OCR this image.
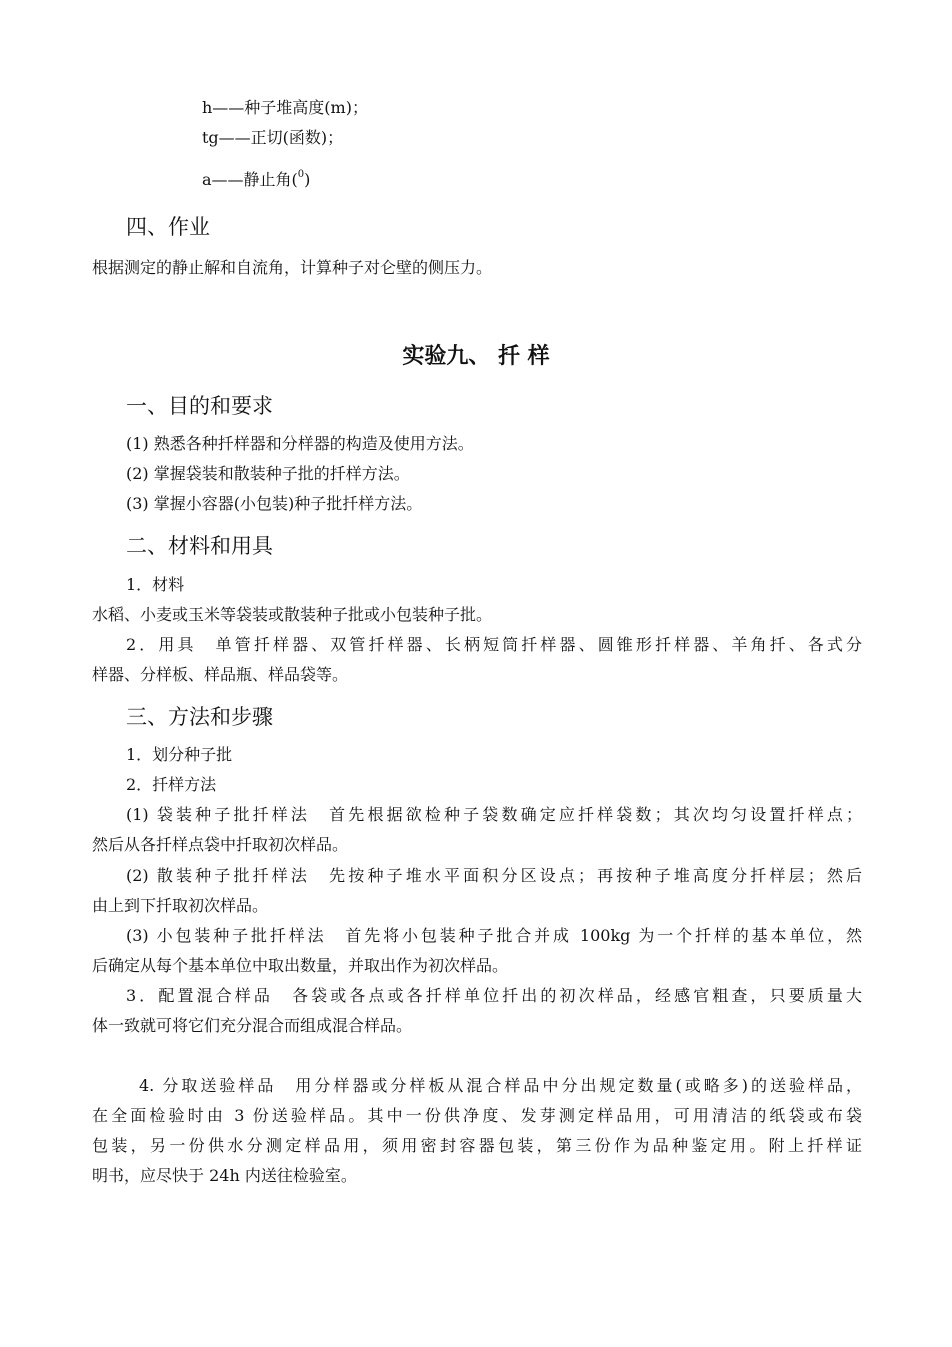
h——种子堆高度(m)；
tg——正切(函数)；
a——静止角($^0$)
四、作业
根据测定的静止解和自流角，计算种子对仑壁的侧压力。
实验九、 扦 样
一、目的和要求
(1) 熟悉各种扦样器和分样器的构造及使用方法。
(2) 掌握袋装和散装种子批的扦样方法。
(3) 掌握小容器(小包装)种子批扦样方法。
二、材料和用具
1．材料
水稻、小麦或玉米等袋装或散装种子批或小包装种子批。
2．用具　单管扦样器、双管扦样器、长柄短筒扦样器、圆锥形扦样器、羊角扦、各式分
样器、分样板、样品瓶、样品袋等。
三、方法和步骤
1．划分种子批
2．扦样方法
(1) 袋装种子批扦样法　首先根据欲检种子袋数确定应扦样袋数；其次均匀设置扦样点；
然后从各扦样点袋中扦取初次样品。
(2) 散装种子批扦样法　先按种子堆水平面积分区设点；再按种子堆高度分扦样层；然后
由上到下扦取初次样品。
(3) 小包装种子批扦样法　首先将小包装种子批合并成 100kg 为一个扦样的基本单位，然
后确定从每个基本单位中取出数量，并取出作为初次样品。
3．配置混合样品　各袋或各点或各扦样单位扦出的初次样品，经感官粗查，只要质量大
体一致就可将它们充分混合而组成混合样品。
4. 分取送验样品　用分样器或分样板从混合样品中分出规定数量(或略多)的送验样品，
在全面检验时由 3 份送验样品。其中一份供净度、发芽测定样品用，可用清洁的纸袋或布袋
包装，另一份供水分测定样品用，须用密封容器包装，第三份作为品种鉴定用。附上扦样证
明书，应尽快于 24h 内送往检验室。
